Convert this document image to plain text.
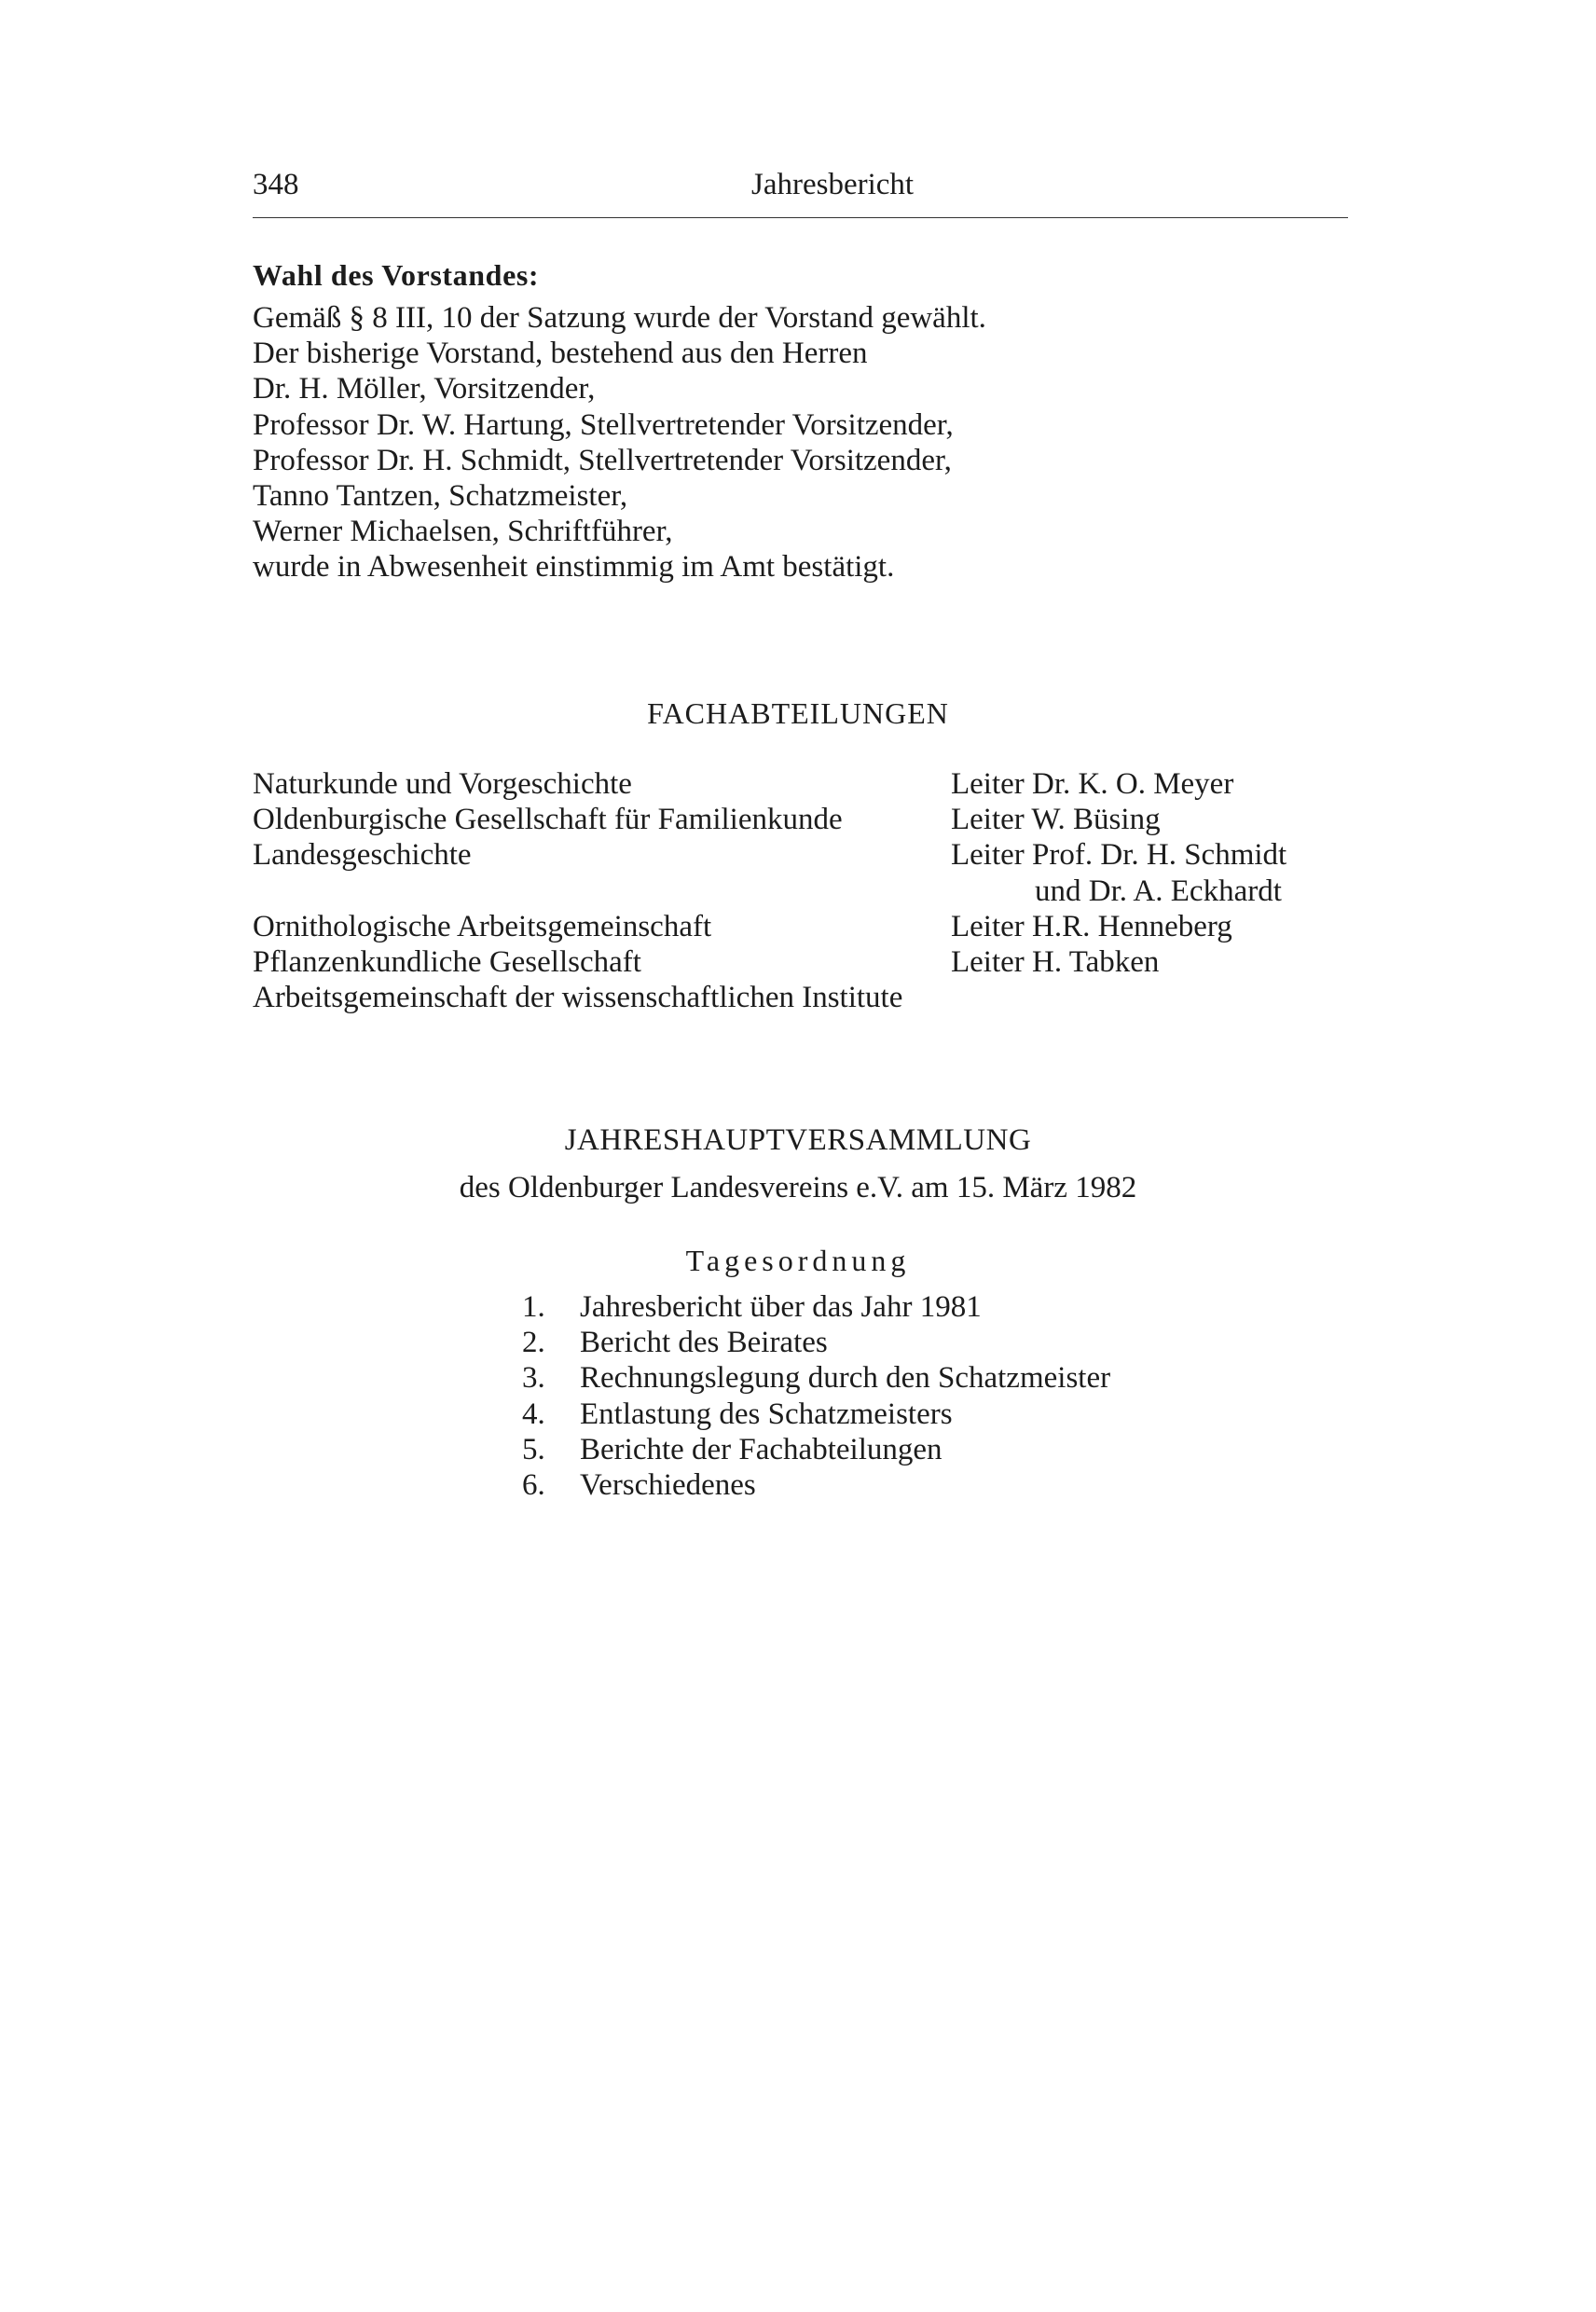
348	Jahresbericht
Wahl des Vorstandes:
Gemäß § 8 III, 10 der Satzung wurde der Vorstand gewählt.
Der bisherige Vorstand, bestehend aus den Herren
Dr. H. Möller, Vorsitzender,
Professor Dr. W. Hartung, Stellvertretender Vorsitzender,
Professor Dr. H. Schmidt, Stellvertretender Vorsitzender,
Tanno Tantzen, Schatzmeister,
Werner Michaelsen, Schriftführer,
wurde in Abwesenheit einstimmig im Amt bestätigt.
FACHABTEILUNGEN
Naturkunde und Vorgeschichte	Leiter Dr. K. O. Meyer
Oldenburgische Gesellschaft für Familienkunde	Leiter W. Büsing
Landesgeschichte	Leiter Prof. Dr. H. Schmidt
und Dr. A. Eckhardt
Ornithologische Arbeitsgemeinschaft	Leiter H.R. Henneberg
Pflanzenkundliche Gesellschaft	Leiter H. Tabken
Arbeitsgemeinschaft der wissenschaftlichen Institute
JAHRESHAUPTVERSAMMLUNG
des Oldenburger Landesvereins e.V. am 15. März 1982
Tagesordnung
1. Jahresbericht über das Jahr 1981
2. Bericht des Beirates
3. Rechnungslegung durch den Schatzmeister
4. Entlastung des Schatzmeisters
5. Berichte der Fachabteilungen
6. Verschiedenes
